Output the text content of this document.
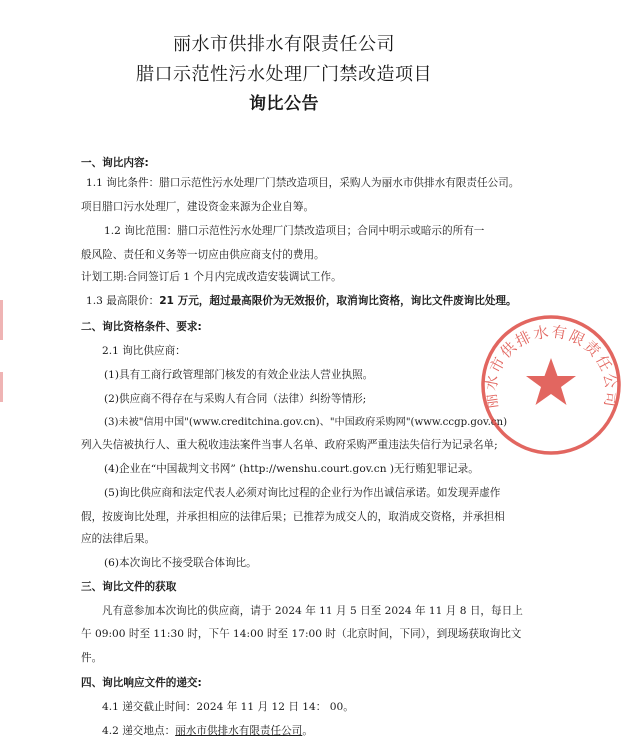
丽水市供排水有限责任公司
腊口示范性污水处理厂门禁改造项目
询比公告
一、询比内容:
1.1 询比条件：腊口示范性污水处理厂门禁改造项目，采购人为丽水市供排水有限责任公司。
项目腊口污水处理厂，建设资金来源为企业自筹。
1.2 询比范围：腊口示范性污水处理厂门禁改造项目；合同中明示或暗示的所有一
般风险、责任和义务等一切应由供应商支付的费用。
计划工期:合同签订后 1 个月内完成改造安装调试工作。
1.3 最高限价：21 万元，超过最高限价为无效报价，取消询比资格，询比文件废询比处理。
二、询比资格条件、要求:
2.1 询比供应商：
(1)具有工商行政管理部门核发的有效企业法人营业执照。
(2)供应商不得存在与采购人有合同（法律）纠纷等情形;
(3)未被"信用中国"(www.creditchina.gov.cn)、"中国政府采购网"(www.ccgp.gov.cn)
列入失信被执行人、重大税收违法案件当事人名单、政府采购严重违法失信行为记录名单;
(4)企业在“中国裁判文书网” (http://wenshu.court.gov.cn )无行贿犯罪记录。
(5)询比供应商和法定代表人必须对询比过程的企业行为作出诚信承诺。如发现弄虚作
假，按废询比处理，并承担相应的法律后果；已推荐为成交人的，取消成交资格，并承担相
应的法律后果。
(6)本次询比不接受联合体询比。
三、询比文件的获取
凡有意参加本次询比的供应商，请于 2024 年 11 月 5 日至 2024 年 11 月 8 日，每日上
午 09:00 时至 11:30 时，下午 14:00 时至 17:00 时（北京时间，下同），到现场获取询比文
件。
四、询比响应文件的递交:
4.1 递交截止时间：2024 年 11 月 12 日 14： 00。
4.2 递交地点：丽水市供排水有限责任公司。
丽水市供排水有限责任公司
